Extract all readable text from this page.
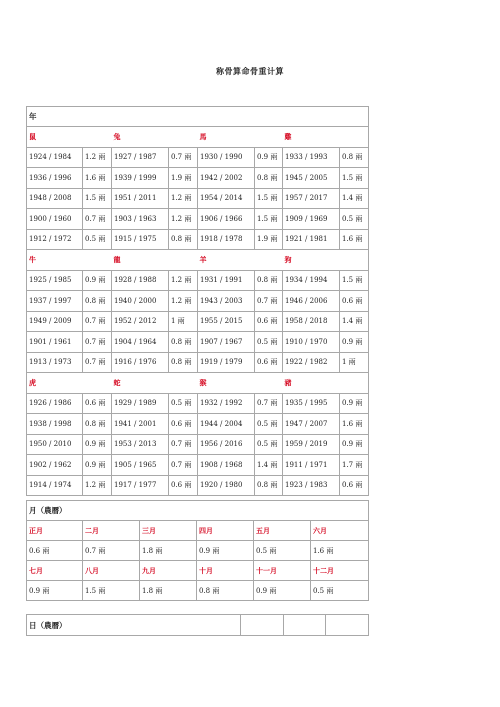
称骨算命骨重计算
年							
鼠		兔		馬		雞	
1924 / 1984	1.2 兩	1927 / 1987	0.7 兩	1930 / 1990	0.9 兩	1933 / 1993	0.8 兩
1936 / 1996	1.6 兩	1939 / 1999	1.9 兩	1942 / 2002	0.8 兩	1945 / 2005	1.5 兩
1948 / 2008	1.5 兩	1951 / 2011	1.2 兩	1954 / 2014	1.5 兩	1957 / 2017	1.4 兩
1900 / 1960	0.7 兩	1903 / 1963	1.2 兩	1906 / 1966	1.5 兩	1909 / 1969	0.5 兩
1912 / 1972	0.5 兩	1915 / 1975	0.8 兩	1918 / 1978	1.9 兩	1921 / 1981	1.6 兩
牛		龍		羊		狗	
1925 / 1985	0.9 兩	1928 / 1988	1.2 兩	1931 / 1991	0.8 兩	1934 / 1994	1.5 兩
1937 / 1997	0.8 兩	1940 / 2000	1.2 兩	1943 / 2003	0.7 兩	1946 / 2006	0.6 兩
1949 / 2009	0.7 兩	1952 / 2012	1 兩	1955 / 2015	0.6 兩	1958 / 2018	1.4 兩
1901 / 1961	0.7 兩	1904 / 1964	0.8 兩	1907 / 1967	0.5 兩	1910 / 1970	0.9 兩
1913 / 1973	0.7 兩	1916 / 1976	0.8 兩	1919 / 1979	0.6 兩	1922 / 1982	1 兩
虎		蛇		猴		豬	
1926 / 1986	0.6 兩	1929 / 1989	0.5 兩	1932 / 1992	0.7 兩	1935 / 1995	0.9 兩
1938 / 1998	0.8 兩	1941 / 2001	0.6 兩	1944 / 2004	0.5 兩	1947 / 2007	1.6 兩
1950 / 2010	0.9 兩	1953 / 2013	0.7 兩	1956 / 2016	0.5 兩	1959 / 2019	0.9 兩
1902 / 1962	0.9 兩	1905 / 1965	0.7 兩	1908 / 1968	1.4 兩	1911 / 1971	1.7 兩
1914 / 1974	1.2 兩	1917 / 1977	0.6 兩	1920 / 1980	0.8 兩	1923 / 1983	0.6 兩
月（農曆）					
正月	二月	三月	四月	五月	六月
0.6 兩	0.7 兩	1.8 兩	0.9 兩	0.5 兩	1.6 兩
七月	八月	九月	十月	十一月	十二月
0.9 兩	1.5 兩	1.8 兩	0.8 兩	0.9 兩	0.5 兩
日（農曆）			
